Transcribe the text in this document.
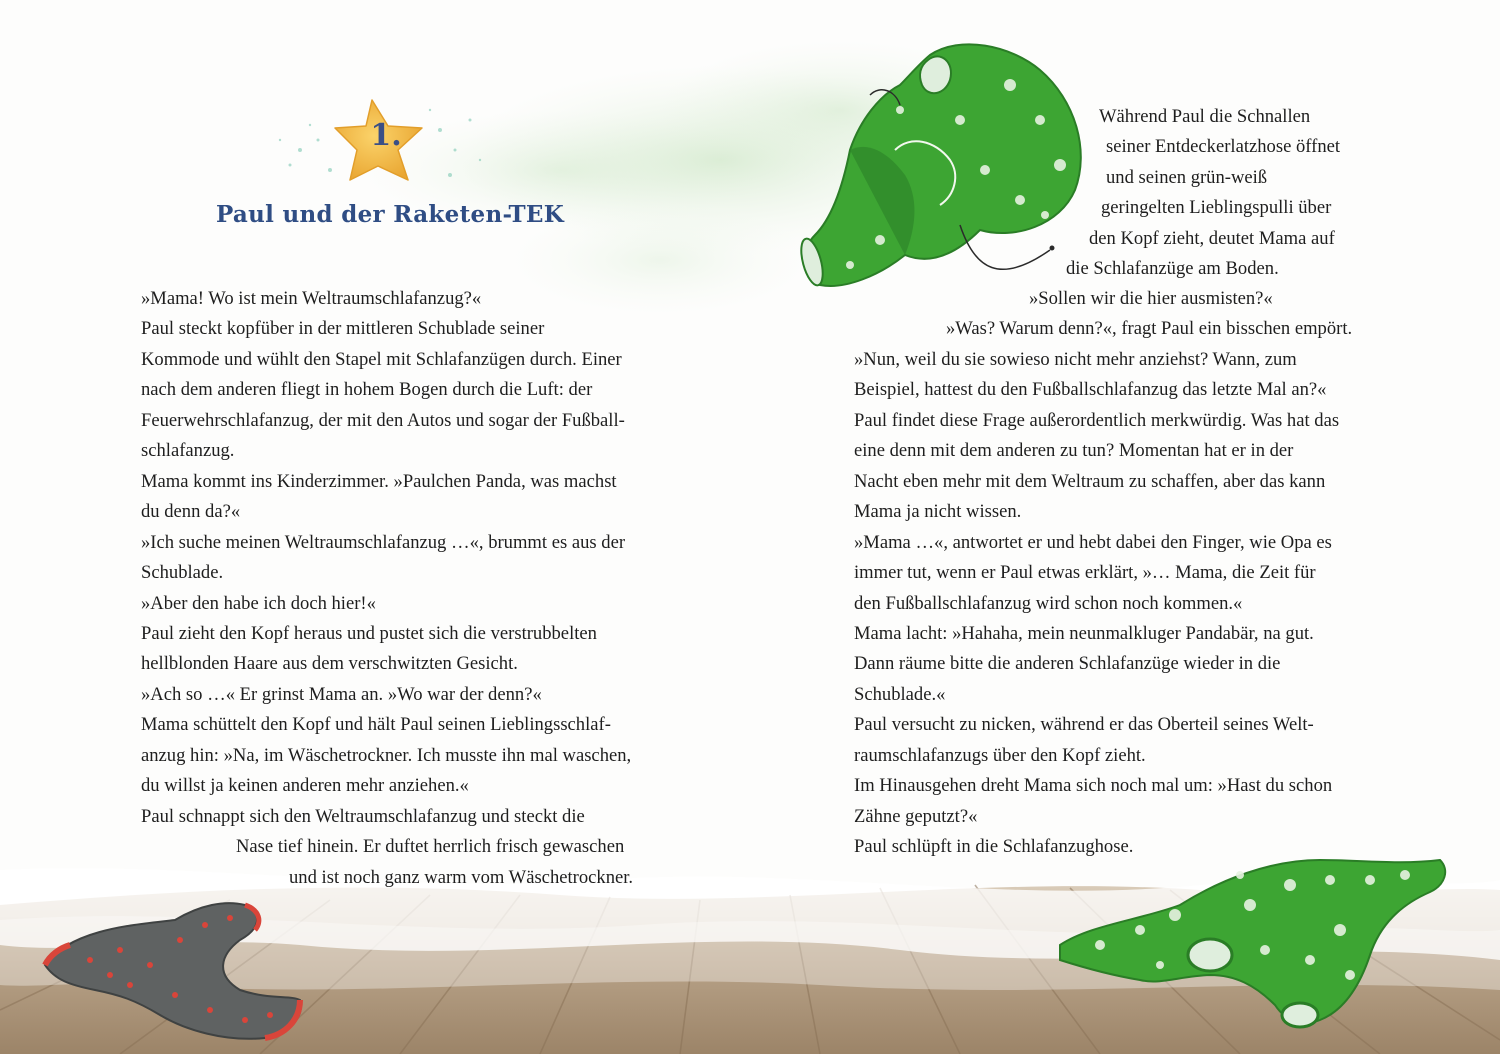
1.
Paul und der Raketen-TEK
»Mama! Wo ist mein Weltraumschlafanzug?«
Paul steckt kopfüber in der mittleren Schublade seiner
Kommode und wühlt den Stapel mit Schlafanzügen durch. Einer
nach dem anderen fliegt in hohem Bogen durch die Luft: der
Feuerwehrschlafanzug, der mit den Autos und sogar der Fußball-
schlafanzug.
Mama kommt ins Kinderzimmer. »Paulchen Panda, was machst
du denn da?«
»Ich suche meinen Weltraumschlafanzug …«, brummt es aus der
Schublade.
»Aber den habe ich doch hier!«
Paul zieht den Kopf heraus und pustet sich die verstrubbelten
hellblonden Haare aus dem verschwitzten Gesicht.
»Ach so …« Er grinst Mama an. »Wo war der denn?«
Mama schüttelt den Kopf und hält Paul seinen Lieblingsschlaf-
anzug hin: »Na, im Wäschetrockner. Ich musste ihn mal waschen,
du willst ja keinen anderen mehr anziehen.«
Paul schnappt sich den Weltraumschlafanzug und steckt die
Nase tief hinein. Er duftet herrlich frisch gewaschen
und ist noch ganz warm vom Wäschetrockner.
Während Paul die Schnallen
seiner Entdeckerlatzhose öffnet
und seinen grün-weiß
geringelten Lieblingspulli über
den Kopf zieht, deutet Mama auf
die Schlafanzüge am Boden.
»Sollen wir die hier ausmisten?«
»Was? Warum denn?«, fragt Paul ein bisschen empört.
»Nun, weil du sie sowieso nicht mehr anziehst? Wann, zum
Beispiel, hattest du den Fußballschlafanzug das letzte Mal an?«
Paul findet diese Frage außerordentlich merkwürdig. Was hat das
eine denn mit dem anderen zu tun? Momentan hat er in der
Nacht eben mehr mit dem Weltraum zu schaffen, aber das kann
Mama ja nicht wissen.
»Mama …«, antwortet er und hebt dabei den Finger, wie Opa es
immer tut, wenn er Paul etwas erklärt, »… Mama, die Zeit für
den Fußballschlafanzug wird schon noch kommen.«
Mama lacht: »Hahaha, mein neunmalkluger Pandabär, na gut.
Dann räume bitte die anderen Schlafanzüge wieder in die
Schublade.«
Paul versucht zu nicken, während er das Oberteil seines Welt-
raumschlafanzugs über den Kopf zieht.
Im Hinausgehen dreht Mama sich noch mal um: »Hast du schon
Zähne geputzt?«
Paul schlüpft in die Schlafanzughose.
